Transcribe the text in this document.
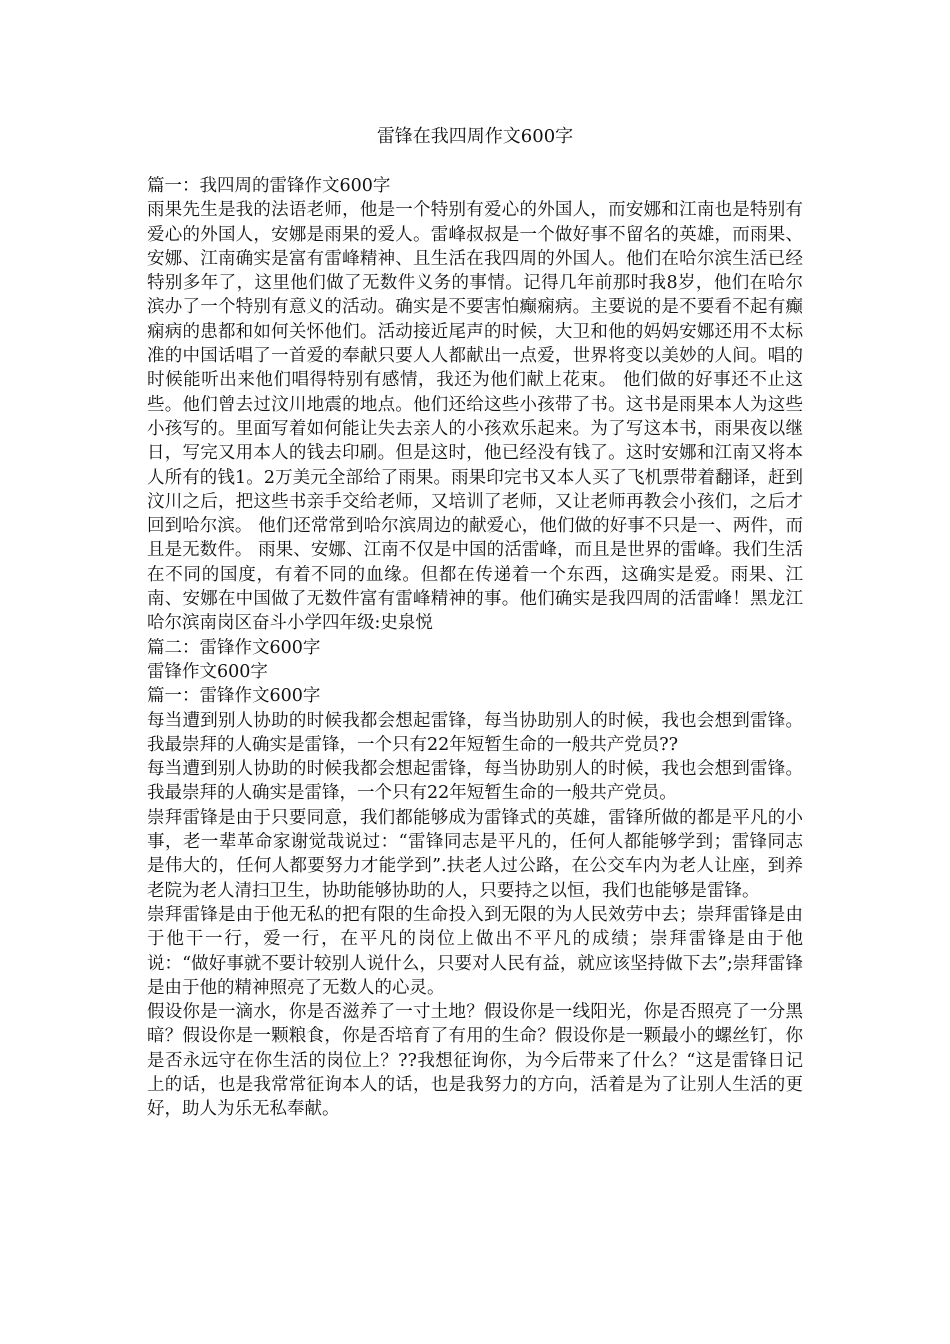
雷锋在我四周作文600字

篇一：我四周的雷锋作文600字

雨果先生是我的法语老师，他是一个特别有爱心的外国人，而安娜和江南也是特别有爱心的外国人，安娜是雨果的爱人。雷峰叔叔是一个做好事不留名的英雄，而雨果、安娜、江南确实是富有雷峰精神、且生活在我四周的外国人。他们在哈尔滨生活已经特别多年了，这里他们做了无数件义务的事情。记得几年前那时我8岁，他们在哈尔滨办了一个特别有意义的活动。确实是不要害怕癫痫病。主要说的是不要看不起有癫痫病的患都和如何关怀他们。活动接近尾声的时候，大卫和他的妈妈安娜还用不太标准的中国话唱了一首爱的奉献只要人人都献出一点爱，世界将变以美妙的人间。唱的时候能听出来他们唱得特别有感情，我还为他们献上花束。 他们做的好事还不止这些。他们曾去过汶川地震的地点。他们还给这些小孩带了书。这书是雨果本人为这些小孩写的。里面写着如何能让失去亲人的小孩欢乐起来。为了写这本书，雨果夜以继日，写完又用本人的钱去印刷。但是这时，他已经没有钱了。这时安娜和江南又将本人所有的钱1。2万美元全部给了雨果。雨果印完书又本人买了飞机票带着翻译，赶到汶川之后，把这些书亲手交给老师，又培训了老师，又让老师再教会小孩们，之后才回到哈尔滨。 他们还常常到哈尔滨周边的献爱心，他们做的好事不只是一、两件，而且是无数件。 雨果、安娜、江南不仅是中国的活雷峰，而且是世界的雷峰。我们生活在不同的国度，有着不同的血缘。但都在传递着一个东西，这确实是爱。雨果、江南、安娜在中国做了无数件富有雷峰精神的事。他们确实是我四周的活雷峰！黑龙江哈尔滨南岗区奋斗小学四年级:史泉悦

篇二：雷锋作文600字

雷锋作文600字

篇一：雷锋作文600字

每当遭到别人协助的时候我都会想起雷锋，每当协助别人的时候，我也会想到雷锋。我最崇拜的人确实是雷锋，一个只有22年短暂生命的一般共产党员??

每当遭到别人协助的时候我都会想起雷锋，每当协助别人的时候，我也会想到雷锋。我最崇拜的人确实是雷锋，一个只有22年短暂生命的一般共产党员。

崇拜雷锋是由于只要同意，我们都能够成为雷锋式的英雄，雷锋所做的都是平凡的小事，老一辈革命家谢觉哉说过：“雷锋同志是平凡的，任何人都能够学到；雷锋同志是伟大的，任何人都要努力才能学到”.扶老人过公路，在公交车内为老人让座，到养老院为老人清扫卫生，协助能够协助的人，只要持之以恒，我们也能够是雷锋。

崇拜雷锋是由于他无私的把有限的生命投入到无限的为人民效劳中去；崇拜雷锋是由于他干一行，爱一行，在平凡的岗位上做出不平凡的成绩；崇拜雷锋是由于他说：“做好事就不要计较别人说什么，只要对人民有益，就应该坚持做下去”;崇拜雷锋是由于他的精神照亮了无数人的心灵。

假设你是一滴水，你是否滋养了一寸土地？假设你是一线阳光，你是否照亮了一分黑暗？假设你是一颗粮食，你是否培育了有用的生命？假设你是一颗最小的螺丝钉，你是否永远守在你生活的岗位上？??我想征询你，为今后带来了什么？“这是雷锋日记上的话，也是我常常征询本人的话，也是我努力的方向，活着是为了让别人生活的更好，助人为乐无私奉献。
